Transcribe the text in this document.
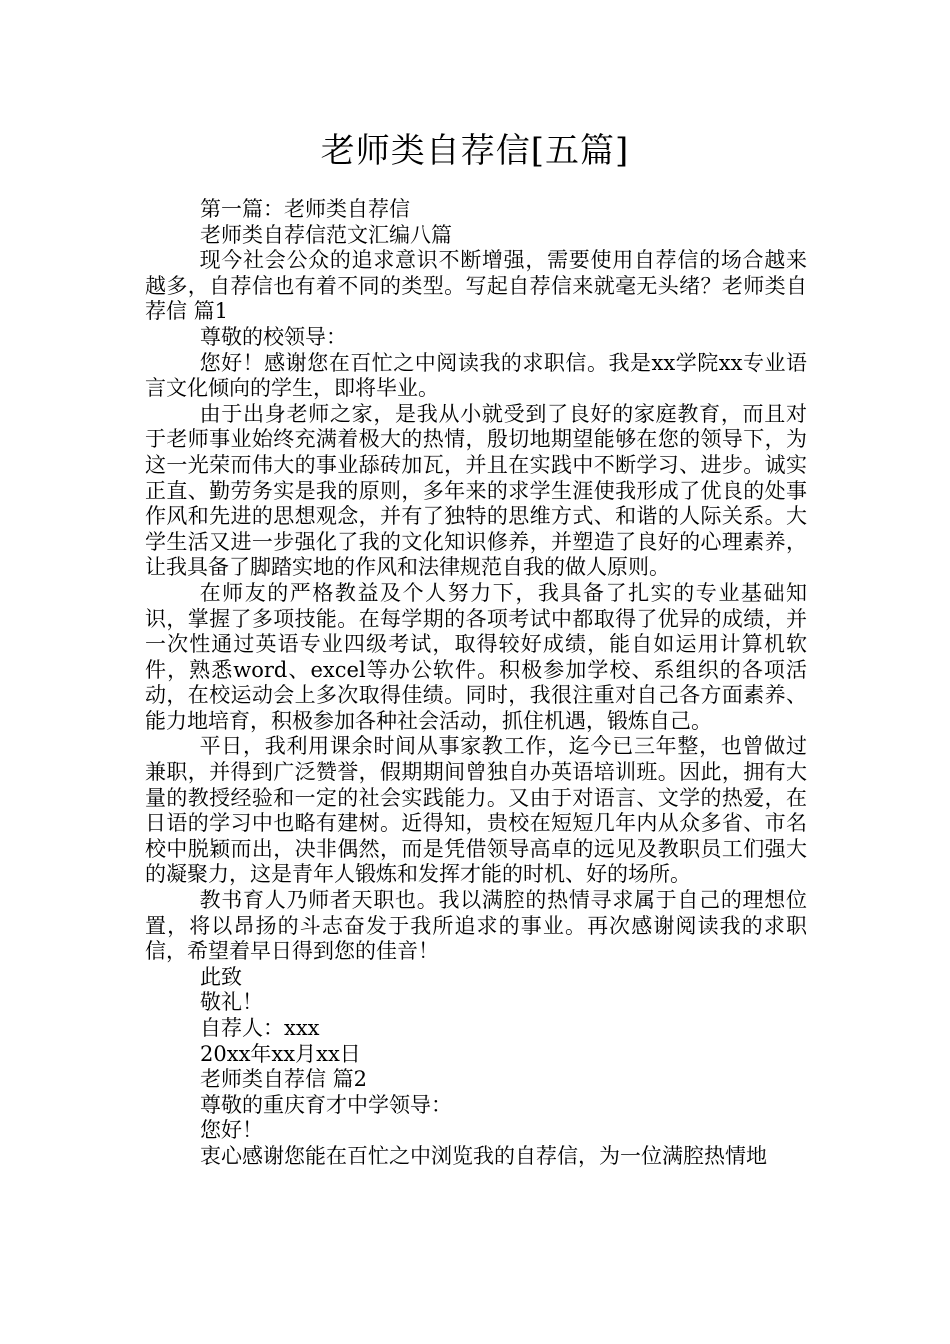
老师类自荐信[五篇]
第一篇：老师类自荐信
老师类自荐信范文汇编八篇

现今社会公众的追求意识不断增强，需要使用自荐信的场合越来越多，自荐信也有着不同的类型。写起自荐信来就毫无头绪？老师类自荐信 篇1

尊敬的校领导：

您好！感谢您在百忙之中阅读我的求职信。我是xx学院xx专业语言文化倾向的学生，即将毕业。

由于出身老师之家，是我从小就受到了良好的家庭教育，而且对于老师事业始终充满着极大的热情，殷切地期望能够在您的领导下，为这一光荣而伟大的事业舔砖加瓦，并且在实践中不断学习、进步。诚实正直、勤劳务实是我的原则，多年来的求学生涯使我形成了优良的处事作风和先进的思想观念，并有了独特的思维方式、和谐的人际关系。大学生活又进一步强化了我的文化知识修养，并塑造了良好的心理素养，让我具备了脚踏实地的作风和法律规范自我的做人原则。

在师友的严格教益及个人努力下，我具备了扎实的专业基础知识，掌握了多项技能。在每学期的各项考试中都取得了优异的成绩，并一次性通过英语专业四级考试，取得较好成绩，能自如运用计算机软件，熟悉word、excel等办公软件。积极参加学校、系组织的各项活动，在校运动会上多次取得佳绩。同时，我很注重对自己各方面素养、能力地培育，积极参加各种社会活动，抓住机遇，锻炼自己。

平日，我利用课余时间从事家教工作，迄今已三年整，也曾做过兼职，并得到广泛赞誉，假期期间曾独自办英语培训班。因此，拥有大量的教授经验和一定的社会实践能力。又由于对语言、文学的热爱，在日语的学习中也略有建树。近得知，贵校在短短几年内从众多省、市名校中脱颖而出，决非偶然，而是凭借领导高卓的远见及教职员工们强大的凝聚力，这是青年人锻炼和发挥才能的时机、好的场所。

教书育人乃师者天职也。我以满腔的热情寻求属于自己的理想位置，将以昂扬的斗志奋发于我所追求的事业。再次感谢阅读我的求职信，希望着早日得到您的佳音！

此致
敬礼！
自荐人：xxx
20xx年xx月xx日
老师类自荐信 篇2
尊敬的重庆育才中学领导：
您好！
衷心感谢您能在百忙之中浏览我的自荐信，为一位满腔热情地
